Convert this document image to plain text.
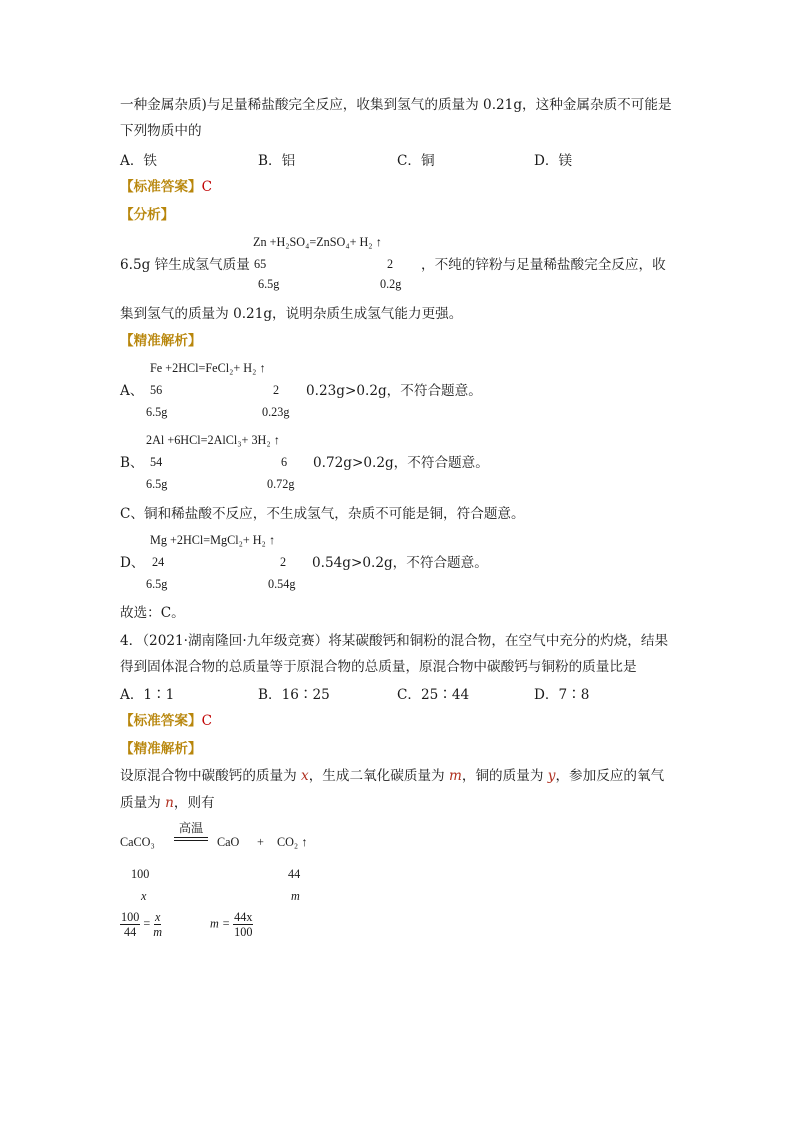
一种金属杂质)与足量稀盐酸完全反应，收集到氢气的质量为 0.21g，这种金属杂质不可能是
下列物质中的
A．铁	B．铝	C．铜	D．镁
【标准答案】C
【分析】
Zn +H₂SO₄=ZnSO₄+ H₂ ↑
6.5g 锌生成氢气质量 65	2 ，不纯的锌粉与足量稀盐酸完全反应，收
6.5g	0.2g
集到氢气的质量为 0.21g，说明杂质生成氢气能力更强。
【精准解析】
Fe +2HCl=FeCl₂+ H₂ ↑
A、 56	2 0.23g>0.2g，不符合题意。
6.5g	0.23g
2Al +6HCl=2AlCl₃+ 3H₂ ↑
B、 54	6 0.72g>0.2g，不符合题意。
6.5g	0.72g
C、铜和稀盐酸不反应，不生成氢气，杂质不可能是铜，符合题意。
Mg +2HCl=MgCl₂+ H₂ ↑
D、 24	2 0.54g>0.2g，不符合题意。
6.5g	0.54g
故选：C。
4．（2021·湖南隆回·九年级竞赛）将某碳酸钙和铜粉的混合物，在空气中充分的灼烧，结果
得到固体混合物的总质量等于原混合物的总质量，原混合物中碳酸钙与铜粉的质量比是
A．1∶1	B．16∶25	C．25∶44	D．7∶8
【标准答案】C
【精准解析】
设原混合物中碳酸钙的质量为 x，生成二氧化碳质量为 m，铜的质量为 y，参加反应的氧气
质量为 n，则有
CaCO₃
高温
CaO + CO₂ ↑
100	44
x	m
$\frac{100}{44} = \frac{x}{m}$	$m = \frac{44x}{100}$
